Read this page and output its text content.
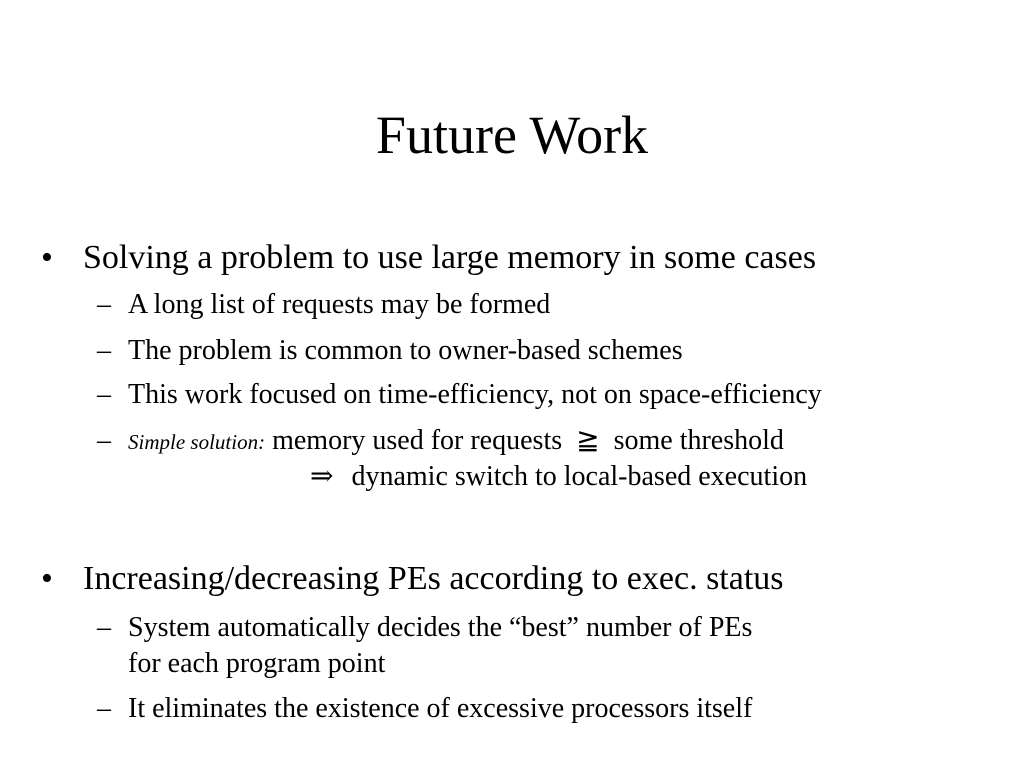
Future Work
• Solving a problem to use large memory in some cases
– A long list of requests may be formed
– The problem is common to owner-based schemes
– This work focused on time-efficiency, not on space-efficiency
– Simple solution: memory used for requests ≧ some threshold
⇒ dynamic switch to local-based execution
• Increasing/decreasing PEs according to exec. status
– System automatically decides the “best” number of PEs
for each program point
– It eliminates the existence of excessive processors itself
